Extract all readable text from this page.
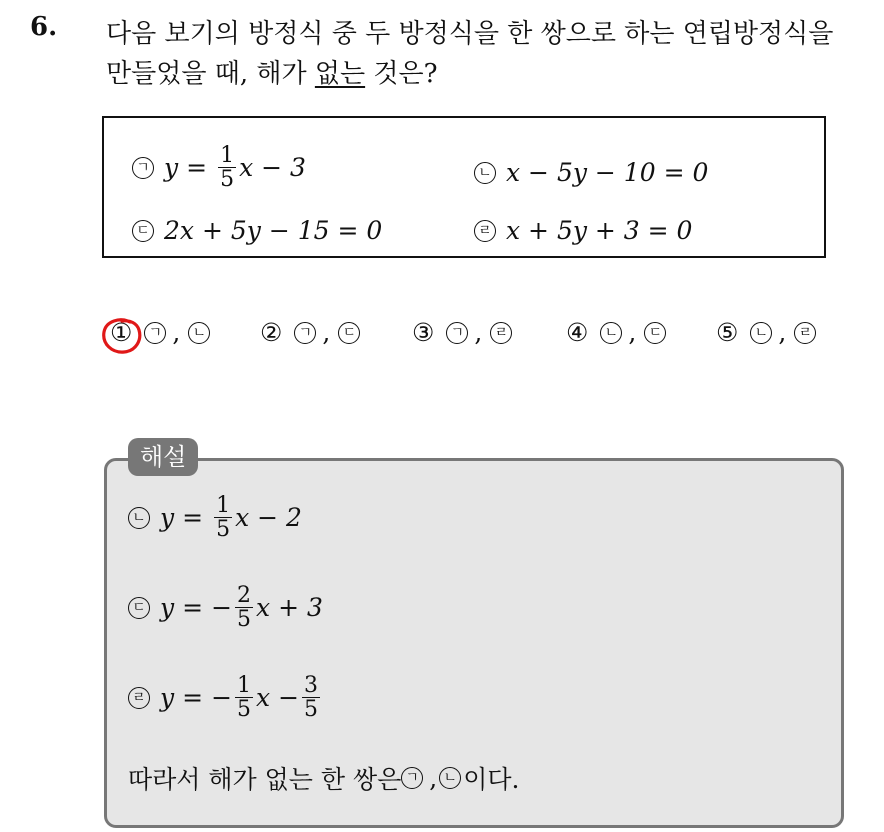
6. 다음 보기의 방정식 중 두 방정식을 한 쌍으로 하는 연립방정식을
만들었을 때, 해가 없는 것은?
ㄱ $y = \frac{1}{5}$ x − 3	ㄴ x − 5y − 10 = 0
ㄷ 2x + 5y − 15 = 0	ㄹ x + 5y + 3 = 0
①	ㄱ , ㄴ ②	ㄱ , ㄷ ③	ㄱ , ㄹ ④	ㄴ , ㄷ ⑤	ㄴ , ㄹ
해설
ㄴ $y = \frac{1}{5}$ x − 2
ㄷ y = − $\frac{2}{5}$ x + 3
ㄹ y = − $\frac{1}{5}$ $x - \frac{3}{5}$
따라서 해가 없는 한 쌍은 ㄱ , ㄴ 이다.
